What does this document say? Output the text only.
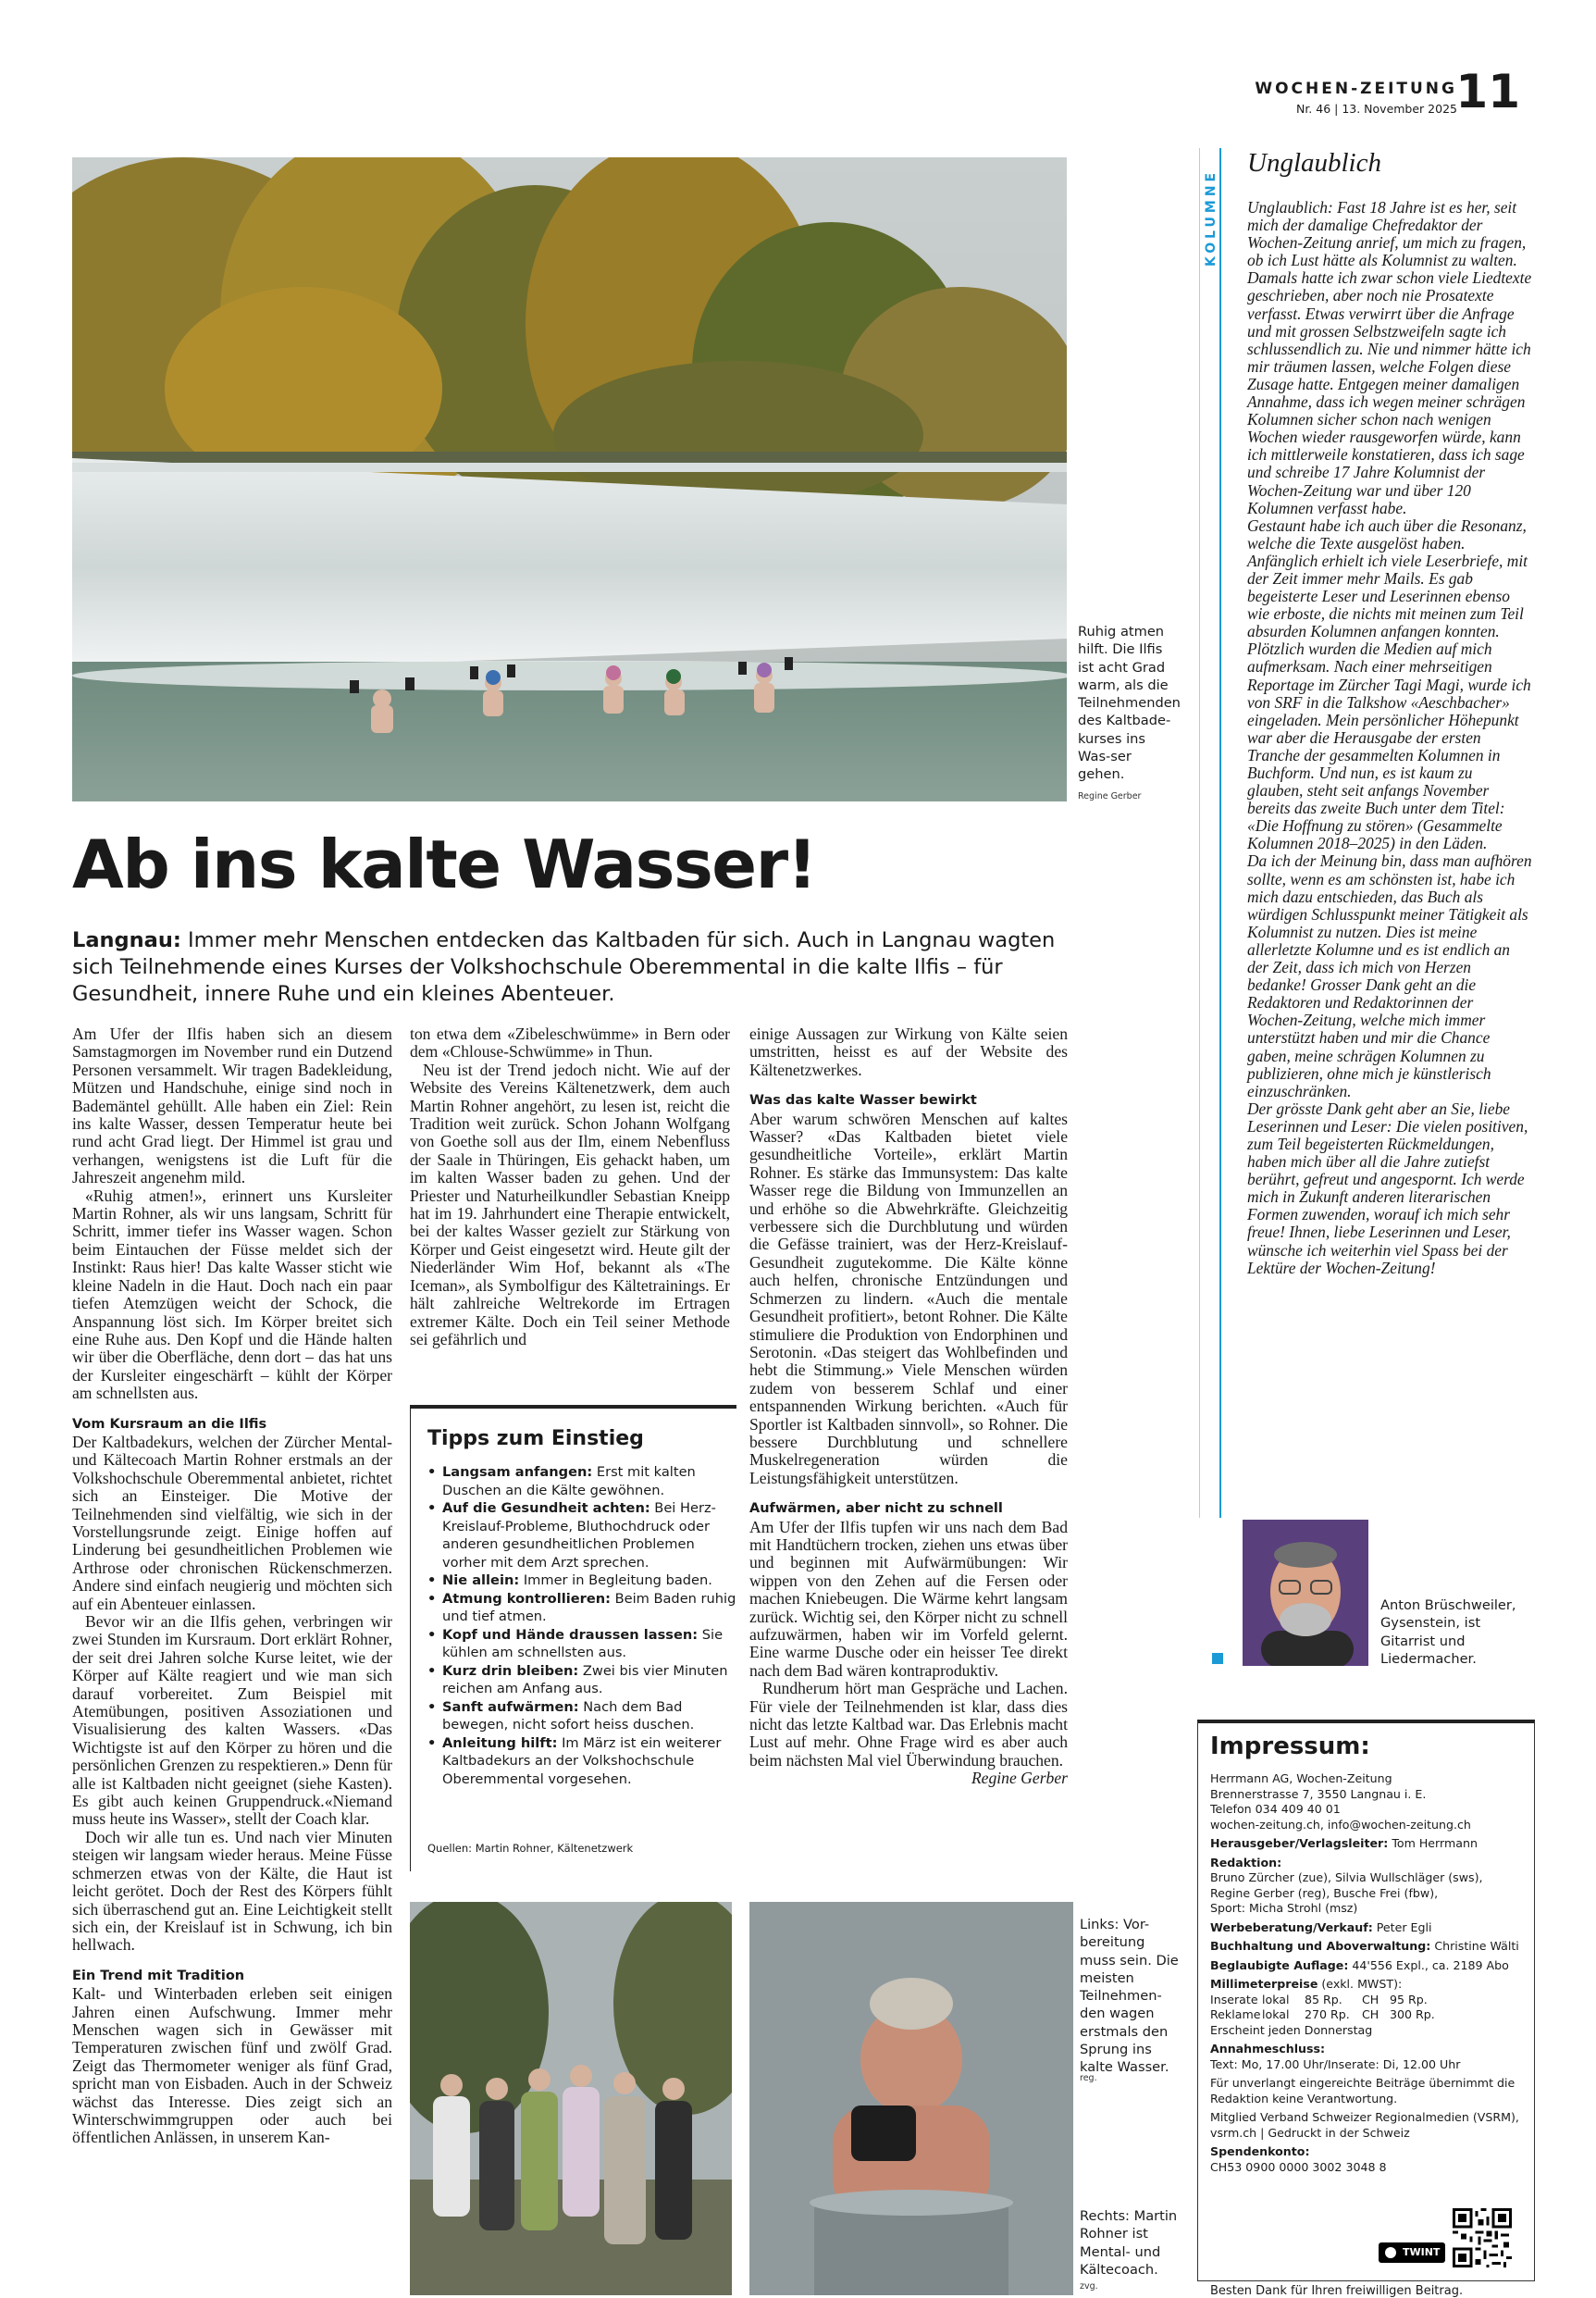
WOCHEN-ZEITUNG
Nr. 46 | 13. November 2025
11
Ruhig atmen hilft. Die Ilfis ist acht Grad warm, als die Teilnehmenden des Kaltbade-kurses ins Was-ser gehen.
Regine Gerber
Ab ins kalte Wasser!
Langnau: Immer mehr Menschen entdecken das Kaltbaden für sich. Auch in Langnau wagten sich Teilnehmende eines Kurses der Volkshochschule Oberemmental in die kalte Ilfis – für Gesundheit, innere Ruhe und ein kleines Abenteuer.

Am Ufer der Ilfis haben sich an diesem Samstagmorgen im November rund ein Dutzend Personen versammelt. Wir tragen Badekleidung, Mützen und Handschuhe, einige sind noch in Bademäntel gehüllt. Alle haben ein Ziel: Rein ins kalte Wasser, dessen Temperatur heute bei rund acht Grad liegt. Der Himmel ist grau und verhangen, wenigstens ist die Luft für die Jahreszeit angenehm mild.

«Ruhig atmen!», erinnert uns Kursleiter Martin Rohner, als wir uns langsam, Schritt für Schritt, immer tiefer ins Wasser wagen. Schon beim Eintauchen der Füsse meldet sich der Instinkt: Raus hier! Das kalte Wasser sticht wie kleine Nadeln in die Haut. Doch nach ein paar tiefen Atemzügen weicht der Schock, die Anspannung löst sich. Im Körper breitet sich eine Ruhe aus. Den Kopf und die Hände halten wir über die Oberfläche, denn dort – das hat uns der Kursleiter eingeschärft – kühlt der Körper am schnellsten aus.

Vom Kursraum an die Ilfis

Der Kaltbadekurs, welchen der Zürcher Mental- und Kältecoach Martin Rohner erstmals an der Volkshochschule Oberemmental anbietet, richtet sich an Einsteiger. Die Motive der Teilnehmenden sind vielfältig, wie sich in der Vorstellungsrunde zeigt. Einige hoffen auf Linderung bei gesundheitlichen Problemen wie Arthrose oder chronischen Rückenschmerzen. Andere sind einfach neugierig und möchten sich auf ein Abenteuer einlassen.

Bevor wir an die Ilfis gehen, verbringen wir zwei Stunden im Kursraum. Dort erklärt Rohner, der seit drei Jahren solche Kurse leitet, wie der Körper auf Kälte reagiert und wie man sich darauf vorbereitet. Zum Beispiel mit Atemübungen, positiven Assoziationen und Visualisierung des kalten Wassers. «Das Wichtigste ist auf den Körper zu hören und die persönlichen Grenzen zu respektieren.» Denn für alle ist Kaltbaden nicht geeignet (siehe Kasten). Es gibt auch keinen Gruppendruck.«Niemand muss heute ins Wasser», stellt der Coach klar.

Doch wir alle tun es. Und nach vier Minuten steigen wir langsam wieder heraus. Meine Füsse schmerzen etwas von der Kälte, die Haut ist leicht gerötet. Doch der Rest des Körpers fühlt sich überraschend gut an. Eine Leichtigkeit stellt sich ein, der Kreislauf ist in Schwung, ich bin hellwach.

Ein Trend mit Tradition

Kalt- und Winterbaden erleben seit einigen Jahren einen Aufschwung. Immer mehr Menschen wagen sich in Gewässer mit Temperaturen zwischen fünf und zwölf Grad. Zeigt das Thermometer weniger als fünf Grad, spricht man von Eisbaden. Auch in der Schweiz wächst das Interesse. Dies zeigt sich an Winterschwimmgruppen oder auch bei öffentlichen Anlässen, in unserem Kan-

ton etwa dem «Zibeleschwümme» in Bern oder dem «Chlouse-Schwümme» in Thun.

Neu ist der Trend jedoch nicht. Wie auf der Website des Vereins Kältenetzwerk, dem auch Martin Rohner angehört, zu lesen ist, reicht die Tradition weit zurück. Schon Johann Wolfgang von Goethe soll aus der Ilm, einem Nebenfluss der Saale in Thüringen, Eis gehackt haben, um im kalten Wasser baden zu gehen. Und der Priester und Naturheilkundler Sebastian Kneipp hat im 19. Jahrhundert eine Therapie entwickelt, bei der kaltes Wasser gezielt zur Stärkung von Körper und Geist eingesetzt wird. Heute gilt der Niederländer Wim Hof, bekannt als «The Iceman», als Symbolfigur des Kältetrainings. Er hält zahlreiche Weltrekorde im Ertragen extremer Kälte. Doch ein Teil seiner Methode sei gefährlich und

Tipps zum Einstieg
• Langsam anfangen: Erst mit kalten Duschen an die Kälte gewöhnen.
• Auf die Gesundheit achten: Bei Herz-Kreislauf-Probleme, Bluthochdruck oder anderen gesundheitlichen Problemen vorher mit dem Arzt sprechen.
• Nie allein: Immer in Begleitung baden.
• Atmung kontrollieren: Beim Baden ruhig und tief atmen.
• Kopf und Hände draussen lassen: Sie kühlen am schnellsten aus.
• Kurz drin bleiben: Zwei bis vier Minuten reichen am Anfang aus.
• Sanft aufwärmen: Nach dem Bad bewegen, nicht sofort heiss duschen.
• Anleitung hilft: Im März ist ein weiterer Kaltbadekurs an der Volkshochschule Oberemmental vorgesehen.
Quellen: Martin Rohner, Kältenetzwerk

einige Aussagen zur Wirkung von Kälte seien umstritten, heisst es auf der Website des Kältenetzwerkes.

Was das kalte Wasser bewirkt

Aber warum schwören Menschen auf kaltes Wasser? «Das Kaltbaden bietet viele gesundheitliche Vorteile», erklärt Martin Rohner. Es stärke das Immunsystem: Das kalte Wasser rege die Bildung von Immunzellen an und erhöhe so die Abwehrkräfte. Gleichzeitig verbessere sich die Durchblutung und würden die Gefässe trainiert, was der Herz-Kreislauf-Gesundheit zugutekomme. Die Kälte könne auch helfen, chronische Entzündungen und Schmerzen zu lindern. «Auch die mentale Gesundheit profitiert», betont Rohner. Die Kälte stimuliere die Produktion von Endorphinen und Serotonin. «Das steigert das Wohlbefinden und hebt die Stimmung.» Viele Menschen würden zudem von besserem Schlaf und einer entspannenden Wirkung berichten. «Auch für Sportler ist Kaltbaden sinnvoll», so Rohner. Die bessere Durchblutung und schnellere Muskelregeneration würden die Leistungsfähigkeit unterstützen.

Aufwärmen, aber nicht zu schnell

Am Ufer der Ilfis tupfen wir uns nach dem Bad mit Handtüchern trocken, ziehen uns etwas über und beginnen mit Aufwärmübungen: Wir wippen von den Zehen auf die Fersen oder machen Kniebeugen. Die Wärme kehrt langsam zurück. Wichtig sei, den Körper nicht zu schnell aufzuwärmen, haben wir im Vorfeld gelernt. Eine warme Dusche oder ein heisser Tee direkt nach dem Bad wären kontraproduktiv.

Rundherum hört man Gespräche und Lachen. Für viele der Teilnehmenden ist klar, dass dies nicht das letzte Kaltbad war. Das Erlebnis macht Lust auf mehr. Ohne Frage wird es aber auch beim nächsten Mal viel Überwindung brauchen.

Regine Gerber

Links: Vor-bereitung muss sein. Die meisten Teilnehmen-den wagen erstmals den Sprung ins kalte Wasser.
reg.
Rechts: Martin Rohner ist Mental- und Kältecoach.
zvg.
KOLUMNE
Unglaublich

Unglaublich: Fast 18 Jahre ist es her, seit mich der damalige Chefredaktor der Wochen-Zeitung anrief, um mich zu fragen, ob ich Lust hätte als Kolumnist zu walten. Damals hatte ich zwar schon viele Liedtexte geschrieben, aber noch nie Prosatexte verfasst. Etwas verwirrt über die Anfrage und mit grossen Selbstzweifeln sagte ich schlussendlich zu. Nie und nimmer hätte ich mir träumen lassen, welche Folgen diese Zusage hatte. Entgegen meiner damaligen Annahme, dass ich wegen meiner schrägen Kolumnen sicher schon nach wenigen Wochen wieder rausgeworfen würde, kann ich mittlerweile konstatieren, dass ich sage und schreibe 17 Jahre Kolumnist der Wochen-Zeitung war und über 120 Kolumnen verfasst habe.

Gestaunt habe ich auch über die Resonanz, welche die Texte ausgelöst haben. Anfänglich erhielt ich viele Leserbriefe, mit der Zeit immer mehr Mails. Es gab begeisterte Leser und Leserinnen ebenso wie erboste, die nichts mit meinen zum Teil absurden Kolumnen anfangen konnten. Plötzlich wurden die Medien auf mich aufmerksam. Nach einer mehrseitigen Reportage im Zürcher Tagi Magi, wurde ich von SRF in die Talkshow «Aeschbacher» eingeladen. Mein persönlicher Höhepunkt war aber die Herausgabe der ersten Tranche der gesammelten Kolumnen in Buchform. Und nun, es ist kaum zu glauben, steht seit anfangs November bereits das zweite Buch unter dem Titel: «Die Hoffnung zu stören» (Gesammelte Kolumnen 2018–2025) in den Läden.

Da ich der Meinung bin, dass man aufhören sollte, wenn es am schönsten ist, habe ich mich dazu entschieden, das Buch als würdigen Schlusspunkt meiner Tätigkeit als Kolumnist zu nutzen. Dies ist meine allerletzte Kolumne und es ist endlich an der Zeit, dass ich mich von Herzen bedanke! Grosser Dank geht an die Redaktoren und Redaktorinnen der Wochen-Zeitung, welche mich immer unterstützt haben und mir die Chance gaben, meine schrägen Kolumnen zu publizieren, ohne mich je künstlerisch einzuschränken.

Der grösste Dank geht aber an Sie, liebe Leserinnen und Leser: Die vielen positiven, zum Teil begeisterten Rückmeldungen, haben mich über all die Jahre zutiefst berührt, gefreut und angespornt. Ich werde mich in Zukunft anderen literarischen Formen zuwenden, worauf ich mich sehr freue! Ihnen, liebe Leserinnen und Leser, wünsche ich weiterhin viel Spass bei der Lektüre der Wochen-Zeitung!

Anton Brüschweiler, Gysenstein, ist Gitarrist und Liedermacher.
Impressum:
Herrmann AG, Wochen-Zeitung
Brennerstrasse 7, 3550 Langnau i. E.
Telefon 034 409 40 01
wochen-zeitung.ch, info@wochen-zeitung.ch
Herausgeber/Verlagsleiter: Tom Herrmann
Redaktion:
Bruno Zürcher (zue), Silvia Wullschläger (sws),
Regine Gerber (reg), Busche Frei (fbw),
Sport: Micha Strohl (msz)
Werbeberatung/Verkauf: Peter Egli
Buchhaltung und Aboverwaltung: Christine Wälti
Beglaubigte Auflage: 44'556 Expl., ca. 2189 Abo
Millimeterpreise (exkl. MWST):
Inserate lokal	85 Rp.	CH 95 Rp.
Reklame lokal	270 Rp.	CH 300 Rp.
Erscheint jeden Donnerstag
Annahmeschluss:
Text: Mo, 17.00 Uhr/Inserate: Di, 12.00 Uhr
Für unverlangt eingereichte Beiträge übernimmt die Redaktion keine Verantwortung.
Mitglied Verband Schweizer Regionalmedien (VSRM), vsrm.ch | Gedruckt in der Schweiz
Spendenkonto:
CH53 0900 0000 3002 3048 8
TWINT
Besten Dank für Ihren freiwilligen Beitrag.
